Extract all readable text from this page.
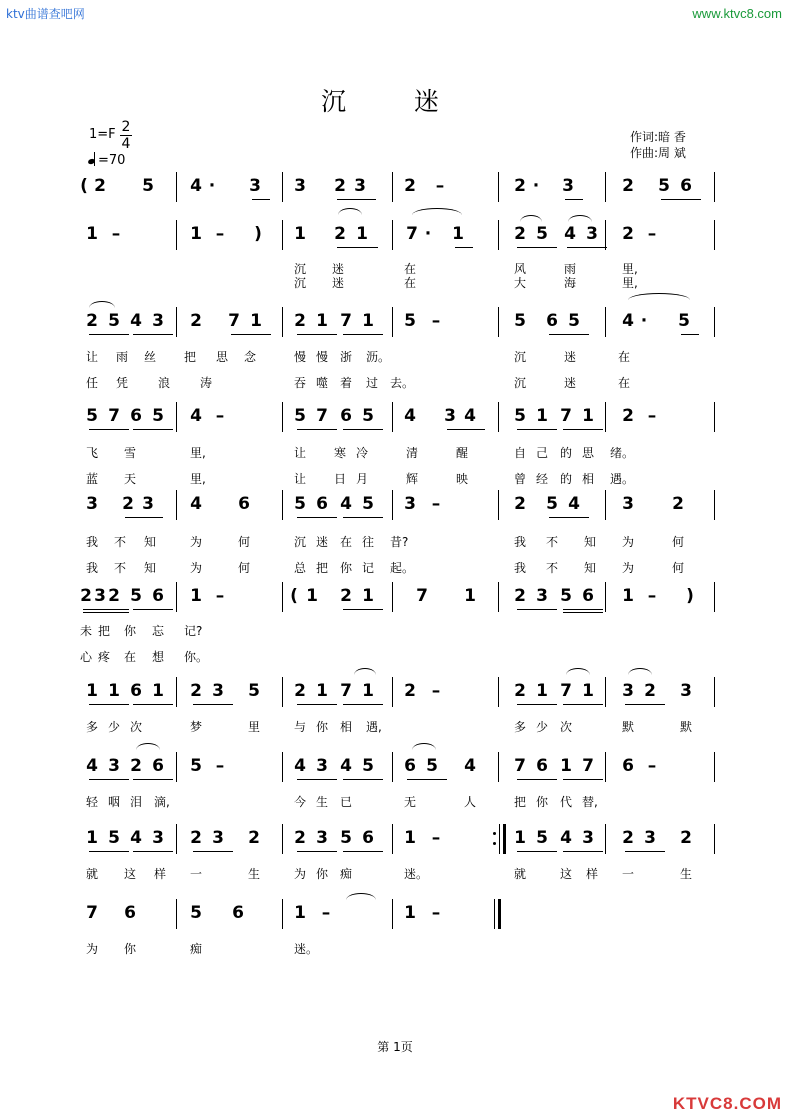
ktv曲谱查吧网	www.ktvc8.com
沉 迷
1=F 2
4
=70
作词:暗 香
作曲:周 斌
( 2 5 4 · 3 3 2 3 2 –	2 · 3	2 5 6
1 –	1 – ) 1 2 1 7 · 1	2 5 4 3 2 –
2 5 4 3 2 7 1 2 1 7 1 5 –	5 6 5 4 · 5
5 7 6 5 4 –	5 7 6 5 4 3 4 5 1 7 1 2 –
3 2 3 4 6	5 6 4 5 3 –	2 5 4 3 2
2 3 2 5 6 1 –	( 1 2 1 7 1 2 3 5 6 1 – )
1 1 6 1 2 3 5 2 1 7 1 2 –	2 1 7 1 3 2 3
4 3 2 6 5 –	4 3 4 5 6 5 4 7 6 1 7 6 –
1 5 4 3 2 3 2 2 3 5 6 1 –	1 5 4 3 2 3 2
7 6	5 6	1 –	1 –
第 1页
KTVC8.COM
沉 迷	在	风	雨	里,
沉 迷	在	大	海	里,
让 雨 丝 把 思 念	慢 慢 浙 沥。	沉	迷	在
任 凭 浪 涛	吞 噬 着 过 去。	沉	迷	在
飞 雪	里,	让 寒 冷	清	醒	自 己 的 思 绪。
蓝 天	里,	让 日 月	辉	映	曾 经 的 相 遇。
我 不 知	为	何	沉 迷 在 往 昔?	我 不 知 为	何
我 不 知	为	何	总 把 你 记 起。	我 不 知 为	何
未 把 你 忘 记?
心 疼 在 想 你。
多 少 次	梦	里	与 你 相 遇,	多 少 次	默	默
轻 咽 泪 滴,	今 生 已	无	人	把 你 代 替,
就 这 样 一	生	为 你 痴	迷。	就	这 样 一	生
为 你	痴	迷。
